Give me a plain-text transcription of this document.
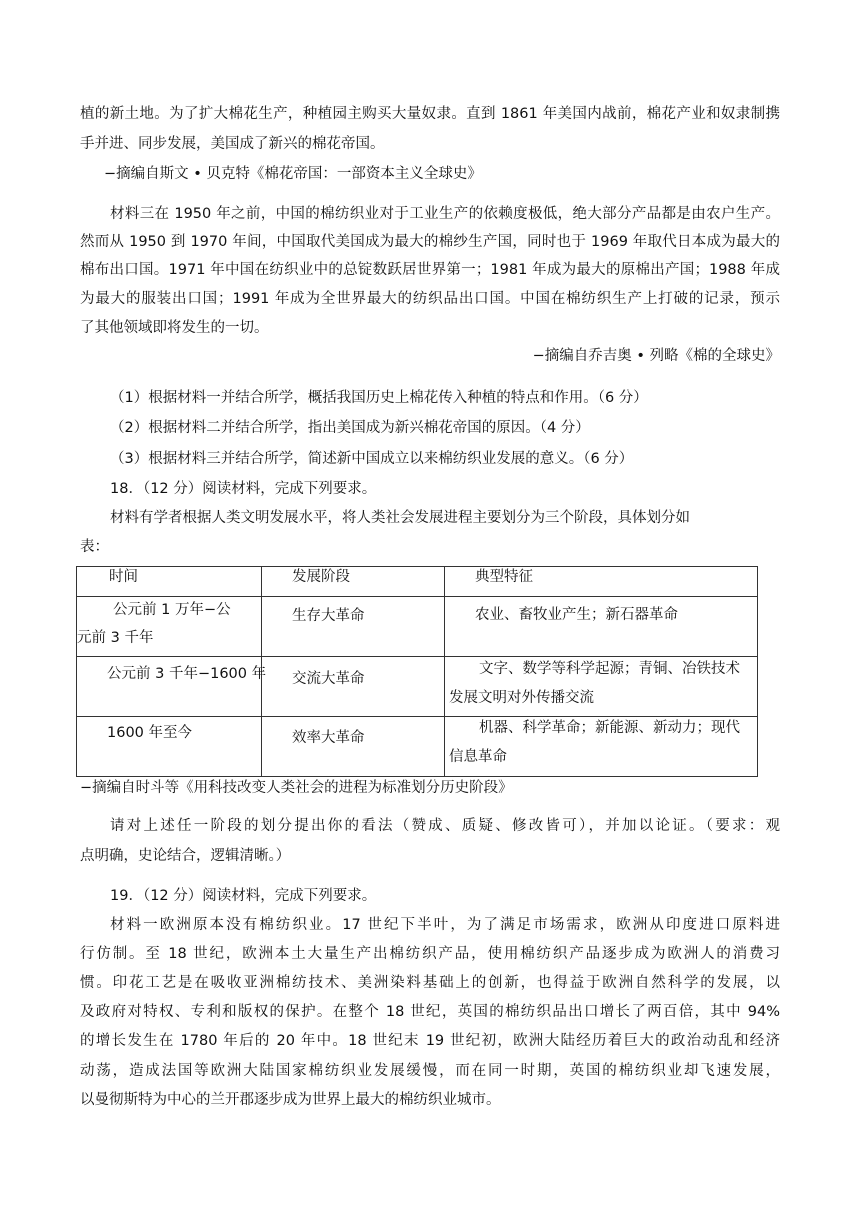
植的新土地。为了扩大棉花生产，种植园主购买大量奴隶。直到 1861 年美国内战前，棉花产业和奴隶制携
手并进、同步发展，美国成了新兴的棉花帝国。
−摘编自斯文 • 贝克特《棉花帝国：一部资本主义全球史》
材料三在 1950 年之前，中国的棉纺织业对于工业生产的依赖度极低，绝大部分产品都是由农户生产。
然而从 1950 到 1970 年间，中国取代美国成为最大的棉纱生产国，同时也于 1969 年取代日本成为最大的
棉布出口国。1971 年中国在纺织业中的总锭数跃居世界第一；1981 年成为最大的原棉出产国；1988 年成
为最大的服装出口国；1991 年成为全世界最大的纺织品出口国。中国在棉纺织生产上打破的记录，预示
了其他领域即将发生的一切。
−摘编自乔吉奥 • 列略《棉的全球史》
（1）根据材料一并结合所学，概括我国历史上棉花传入种植的特点和作用。（6 分）
（2）根据材料二并结合所学，指出美国成为新兴棉花帝国的原因。（4 分）
（3）根据材料三并结合所学，简述新中国成立以来棉纺织业发展的意义。（6 分）
18．（12 分）阅读材料，完成下列要求。
材料有学者根据人类文明发展水平，将人类社会发展进程主要划分为三个阶段，具体划分如
表：
时间	发展阶段	典型特征

公元前 1 万年−公
元前 3 千年	生存大革命	农业、畜牧业产生；新石器革命

公元前 3 千年−1600 年	交流大革命	文字、数学等科学起源；青铜、冶铁技术
发展文明对外传播交流

1600 年至今	效率大革命	机器、科学革命；新能源、新动力；现代
信息革命
−摘编自时斗等《用科技改变人类社会的进程为标准划分历史阶段》
请对上述任一阶段的划分提出你的看法（赞成、质疑、修改皆可），并加以论证。（要求：观
点明确，史论结合，逻辑清晰。）
19．（12 分）阅读材料，完成下列要求。
材料一欧洲原本没有棉纺织业。17 世纪下半叶，为了满足市场需求，欧洲从印度进口原料进
行仿制。至 18 世纪，欧洲本土大量生产出棉纺织产品，使用棉纺织产品逐步成为欧洲人的消费习
惯。印花工艺是在吸收亚洲棉纺技术、美洲染料基础上的创新，也得益于欧洲自然科学的发展，以
及政府对特权、专利和版权的保护。在整个 18 世纪，英国的棉纺织品出口增长了两百倍，其中 94%
的增长发生在 1780 年后的 20 年中。18 世纪末 19 世纪初，欧洲大陆经历着巨大的政治动乱和经济
动荡，造成法国等欧洲大陆国家棉纺织业发展缓慢，而在同一时期，英国的棉纺织业却飞速发展，
以曼彻斯特为中心的兰开郡逐步成为世界上最大的棉纺织业城市。
